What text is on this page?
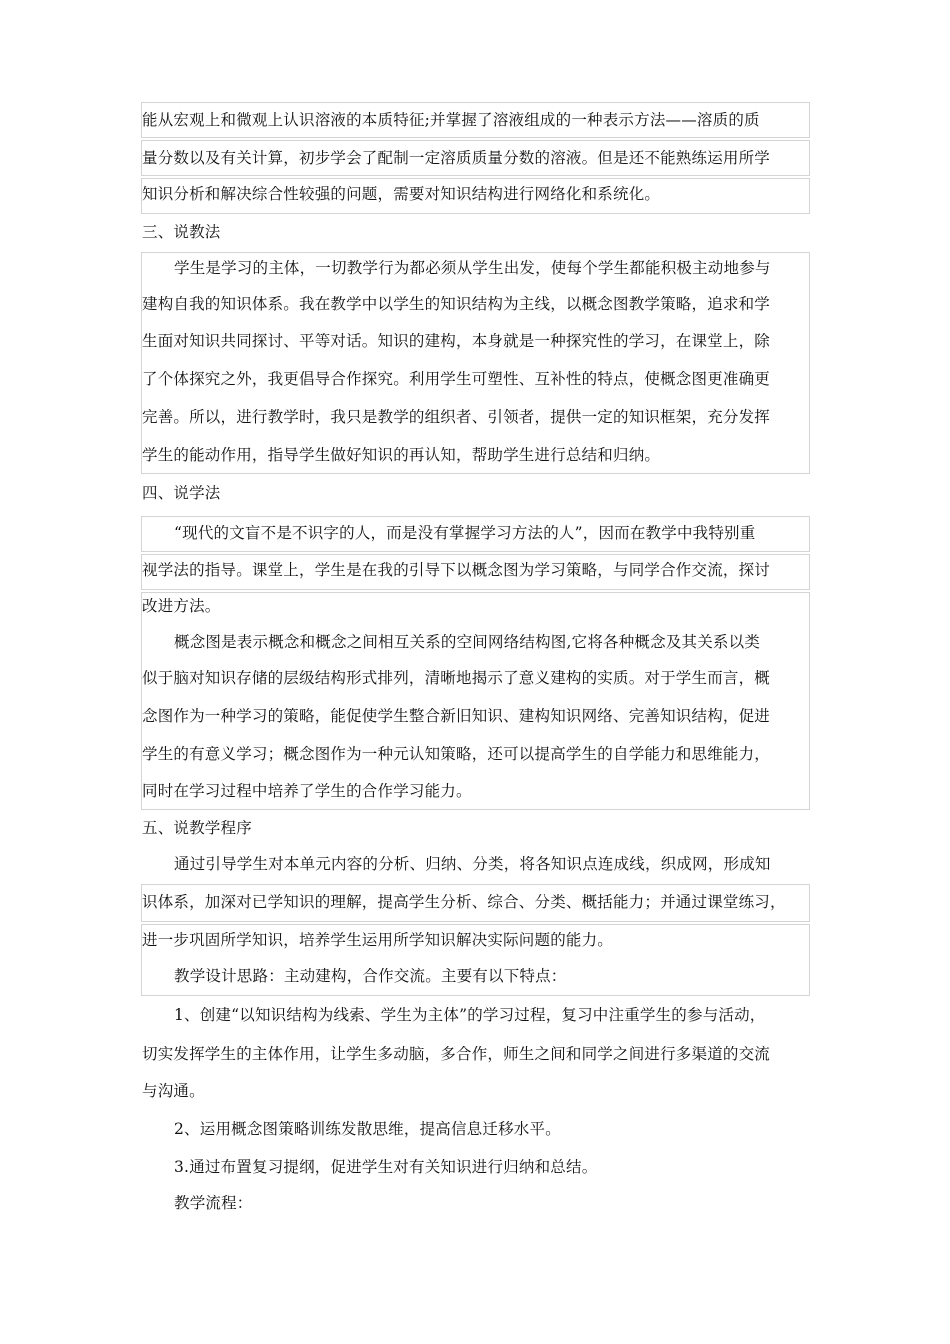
能从宏观上和微观上认识溶液的本质特征;并掌握了溶液组成的一种表示方法——溶质的质
量分数以及有关计算，初步学会了配制一定溶质质量分数的溶液。但是还不能熟练运用所学
知识分析和解决综合性较强的问题，需要对知识结构进行网络化和系统化。
三、说教法
学生是学习的主体，一切教学行为都必须从学生出发，使每个学生都能积极主动地参与
建构自我的知识体系。我在教学中以学生的知识结构为主线，以概念图教学策略，追求和学
生面对知识共同探讨、平等对话。知识的建构，本身就是一种探究性的学习，在课堂上，除
了个体探究之外，我更倡导合作探究。利用学生可塑性、互补性的特点，使概念图更准确更
完善。所以，进行教学时，我只是教学的组织者、引领者，提供一定的知识框架，充分发挥
学生的能动作用，指导学生做好知识的再认知，帮助学生进行总结和归纳。
四、说学法
“现代的文盲不是不识字的人，而是没有掌握学习方法的人”，因而在教学中我特别重
视学法的指导。课堂上，学生是在我的引导下以概念图为学习策略，与同学合作交流，探讨
改进方法。
概念图是表示概念和概念之间相互关系的空间网络结构图,它将各种概念及其关系以类
似于脑对知识存储的层级结构形式排列，清晰地揭示了意义建构的实质。对于学生而言，概
念图作为一种学习的策略，能促使学生整合新旧知识、建构知识网络、完善知识结构，促进
学生的有意义学习；概念图作为一种元认知策略，还可以提高学生的自学能力和思维能力，
同时在学习过程中培养了学生的合作学习能力。
五、说教学程序
通过引导学生对本单元内容的分析、归纳、分类，将各知识点连成线，织成网，形成知
识体系，加深对已学知识的理解，提高学生分析、综合、分类、概括能力；并通过课堂练习，
进一步巩固所学知识，培养学生运用所学知识解决实际问题的能力。
教学设计思路：主动建构，合作交流。主要有以下特点：
1、创建“以知识结构为线索、学生为主体”的学习过程，复习中注重学生的参与活动，
切实发挥学生的主体作用，让学生多动脑，多合作，师生之间和同学之间进行多渠道的交流
与沟通。
2、运用概念图策略训练发散思维，提高信息迁移水平。
3.通过布置复习提纲，促进学生对有关知识进行归纳和总结。
教学流程：
